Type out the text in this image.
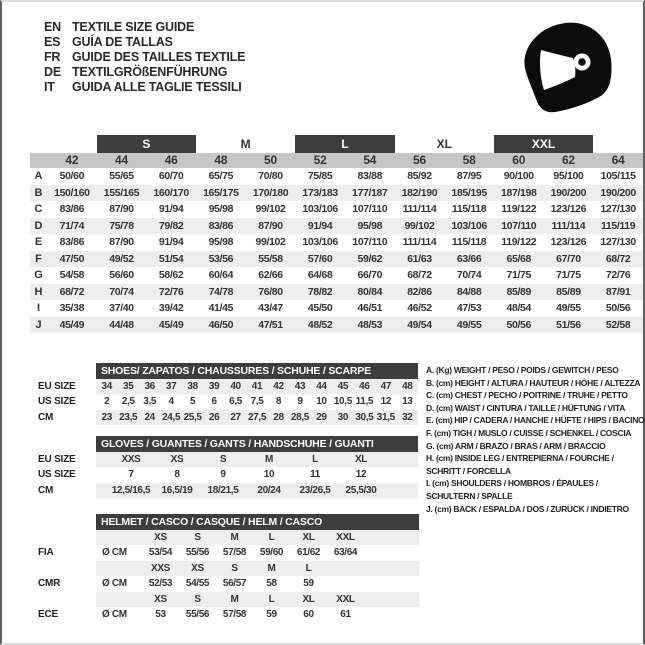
EN TEXTILE SIZE GUIDE
ES GUÍA DE TALLAS
FR GUIDE DES TAILLES TEXTILE
DE TEXTILGRÖßENFÜHRUNG
IT	GUIDA ALLE TAGLIE TESSILI
		S		M		L		XL		XXL		
	42	44	46	48	50	52	54	56	58	60	62	64
A	50/60	55/65	60/70	65/75	70/80	75/85	83/88	85/92	87/95	90/100	95/100	105/115
B	150/160	155/165	160/170	165/175	170/180	173/183	177/187	182/190	185/195	187/198	190/200	190/200
C	83/86	87/90	91/94	95/98	99/102	103/106	107/110	111/114	115/118	119/122	123/126	127/130
D	71/74	75/78	79/82	83/86	87/90	91/94	95/98	99/102	103/106	107/110	111/114	115/119
E	83/86	87/90	91/94	95/98	99/102	103/106	107/110	111/114	115/118	119/122	123/126	127/130
F	47/50	49/52	51/54	53/56	55/58	57/60	59/62	61/63	63/66	65/68	67/70	68/72
G	54/58	56/60	58/62	60/64	62/66	64/68	66/70	68/72	70/74	71/75	71/75	72/76
H	68/72	70/74	72/76	74/78	76/80	78/82	80/84	82/86	84/88	85/89	85/89	87/91
I	35/38	37/40	39/42	41/45	43/47	45/50	46/51	46/52	47/53	48/54	49/55	50/56
J	45/49	44/48	45/49	46/50	47/51	48/52	48/53	49/54	49/55	50/56	51/56	52/58
	SHOES/ ZAPATOS / CHAUSSURES / SCHUHE / SCARPE														
EU SIZE	34	35	36	37	38	39	40	41	42	43	44	45	46	47	48
US SIZE	2	2,5	3,5	4	5	6	6,5	7,5	8	9	10	10,5	11,5	12	13
CM	23	23,5	24	24,5	25,5	26	27	27,5	28	28,5	29	30	30,5	31,5	32
	GLOVES / GUANTES / GANTS / HANDSCHUHE / GUANTI							
EU SIZE		XXS	XS	S	M	L	XL	
US SIZE		7	8	9	10	11	12	
CM		12,5/16,5	16,5/19	18/21,5	20/24	23/26,5	25,5/30	
	HELMET / CASCO / CASQUE / HELM / CASCO							
		XS	S	M	L	XL	XXL	
FIA	Ø CM	53/54	55/56	57/58	59/60	61/62	63/64	
		XXS	XS	S	M	L		
CMR	Ø CM	52/53	54/55	56/57	58	59		
		XS	S	M	L	XL	XXL	
ECE	Ø CM	53	55/56	57/58	59	60	61	
A. (Kg) WEIGHT / PESO / POIDS / GEWITCH / PESO
B. (cm) HEIGHT / ALTURA / HAUTEUR / HÖHE / ALTEZZA
C. (cm) CHEST / PECHO / POITRINE / TRUHE / PETTO
D. (cm) WAIST / CINTURA / TAILLE / HÜFTUNG / VITA
E. (cm) HIP / CADERA / HANCHE / HÜFTE / HIPS / BACINO
F. (cm) TIGH / MUSLO / CUISSE / SCHENKEL / COSCIA
G. (cm) ARM / BRAZO / BRAS / ARM / BRACCIO
H. (cm) INSIDE LEG / ENTREPIERNA / FOURCHE / SCHRITT / FORCELLA
I. (cm) SHOULDERS / HOMBROS / ÉPAULES / SCHULTERN / SPALLE
J. (cm) BACK / ESPALDA / DOS / ZURÜCK / INDIETRO
